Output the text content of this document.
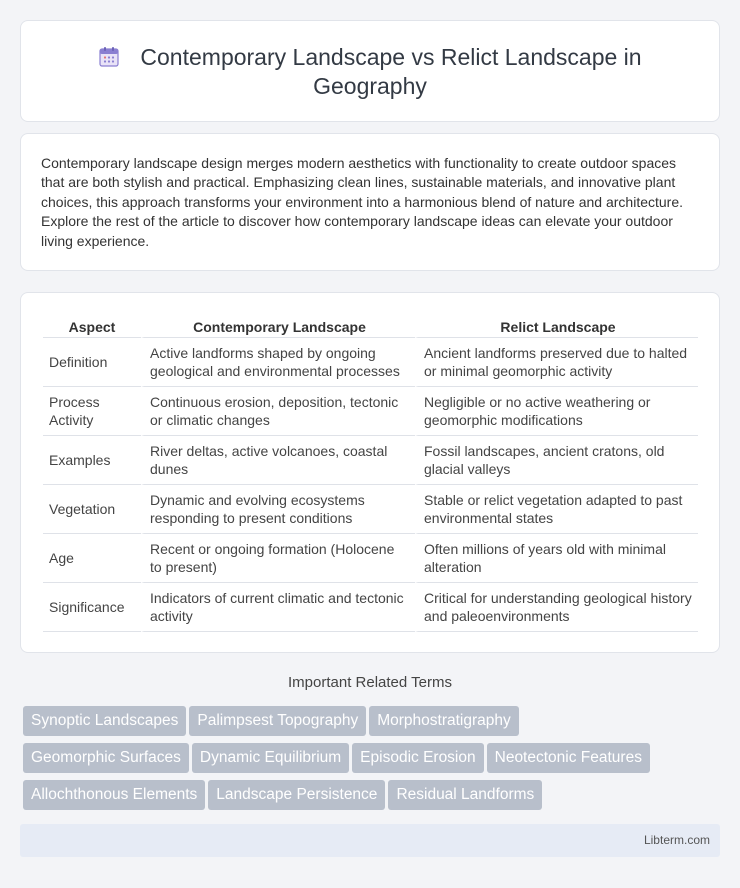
Contemporary Landscape vs Relict Landscape in
Geography

Contemporary landscape design merges modern aesthetics with functionality to create outdoor spaces that are both stylish and practical. Emphasizing clean lines, sustainable materials, and innovative plant choices, this approach transforms your environment into a harmonious blend of nature and architecture. Explore the rest of the article to discover how contemporary landscape ideas can elevate your outdoor living experience.

Aspect	Contemporary Landscape	Relict Landscape
Definition	Active landforms shaped by ongoing geological and environmental processes	Ancient landforms preserved due to halted or minimal geomorphic activity
Process Activity	Continuous erosion, deposition, tectonic or climatic changes	Negligible or no active weathering or geomorphic modifications
Examples	River deltas, active volcanoes, coastal dunes	Fossil landscapes, ancient cratons, old glacial valleys
Vegetation	Dynamic and evolving ecosystems responding to present conditions	Stable or relict vegetation adapted to past environmental states
Age	Recent or ongoing formation (Holocene to present)	Often millions of years old with minimal alteration
Significance	Indicators of current climatic and tectonic activity	Critical for understanding geological history and paleoenvironments
Important Related Terms
Synoptic Landscapes Palimpsest Topography Morphostratigraphy
Geomorphic Surfaces Dynamic Equilibrium Episodic Erosion Neotectonic Features
Allochthonous Elements Landscape Persistence Residual Landforms
Libterm.com
